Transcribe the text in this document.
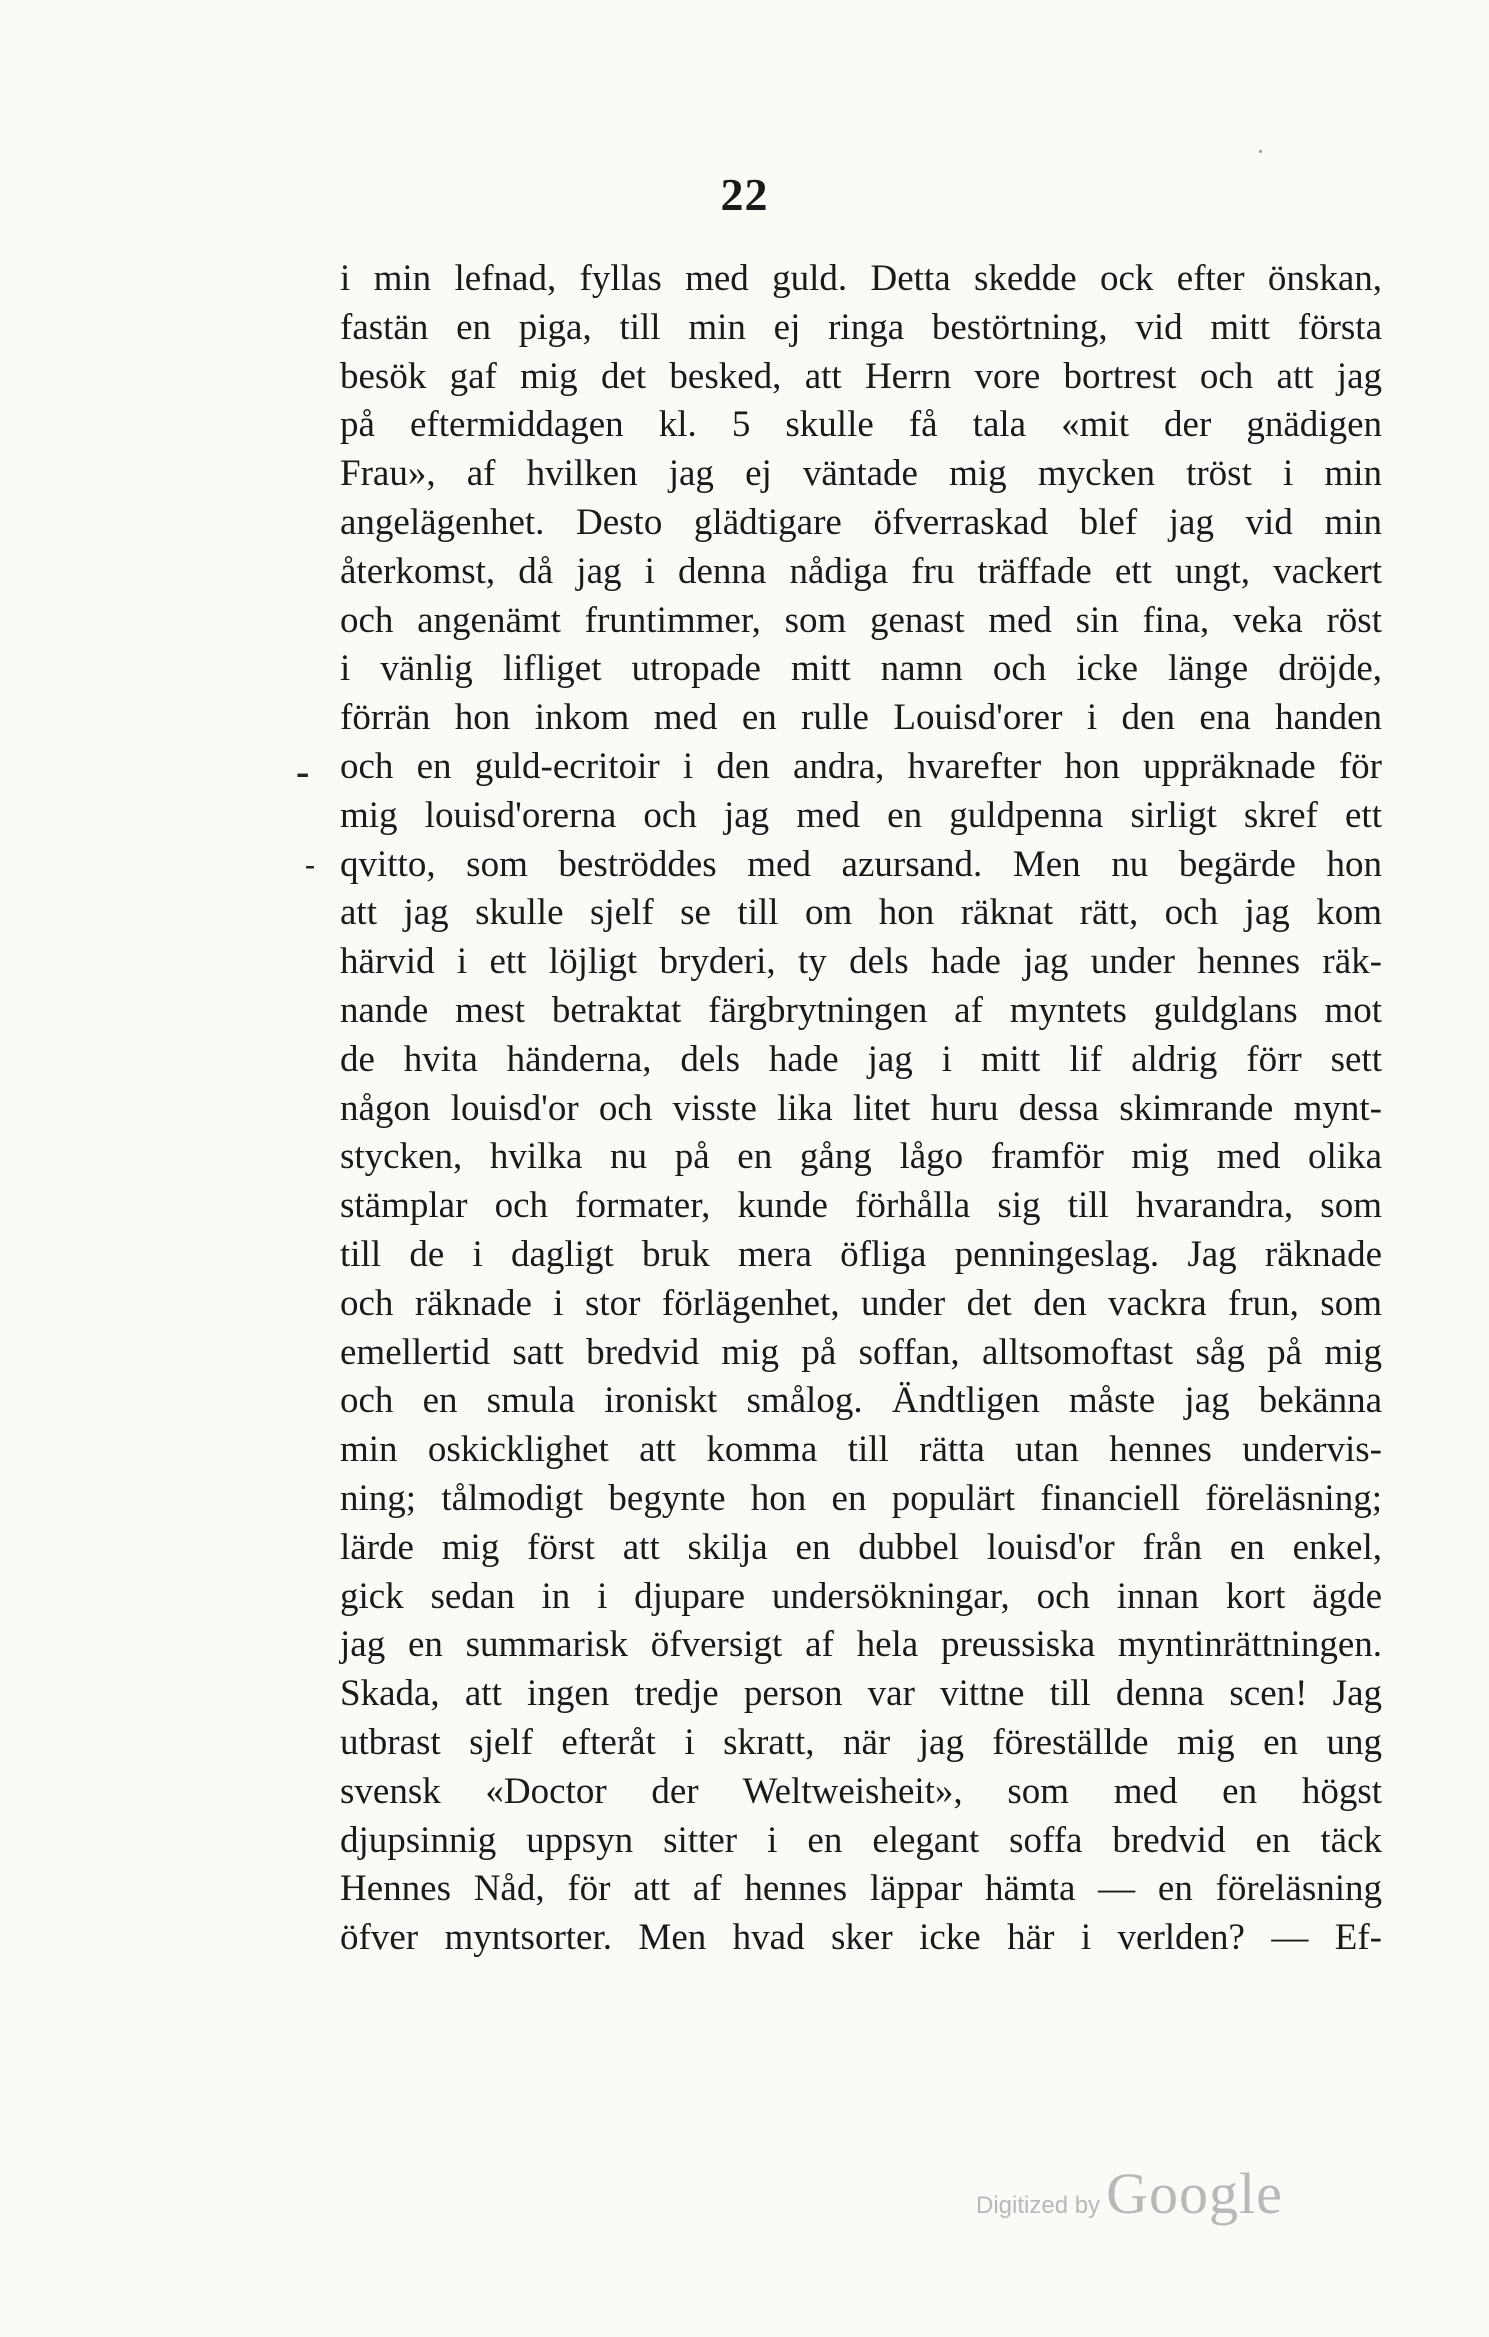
22
i min lefnad, fyllas med guld. Detta skedde ock efter önskan,
fastän en piga, till min ej ringa bestörtning, vid mitt första
besök gaf mig det besked, att Herrn vore bortrest och att jag
på eftermiddagen kl. 5 skulle få tala «mit der gnädigen
Frau», af hvilken jag ej väntade mig mycken tröst i min
angelägenhet. Desto glädtigare öfverraskad blef jag vid min
återkomst, då jag i denna nådiga fru träffade ett ungt, vackert
och angenämt fruntimmer, som genast med sin fina, veka röst
i vänlig lifliget utropade mitt namn och icke länge dröjde,
förrän hon inkom med en rulle Louisd'orer i den ena handen
och en guld-ecritoir i den andra, hvarefter hon uppräknade för
mig louisd'orerna och jag med en guldpenna sirligt skref ett
qvitto, som beströddes med azursand. Men nu begärde hon
att jag skulle sjelf se till om hon räknat rätt, och jag kom
härvid i ett löjligt bryderi, ty dels hade jag under hennes räk-
nande mest betraktat färgbrytningen af myntets guldglans mot
de hvita händerna, dels hade jag i mitt lif aldrig förr sett
någon louisd'or och visste lika litet huru dessa skimrande mynt-
stycken, hvilka nu på en gång lågo framför mig med olika
stämplar och formater, kunde förhålla sig till hvarandra, som
till de i dagligt bruk mera öfliga penningeslag. Jag räknade
och räknade i stor förlägenhet, under det den vackra frun, som
emellertid satt bredvid mig på soffan, alltsomoftast såg på mig
och en smula ironiskt smålog. Ändtligen måste jag bekänna
min oskicklighet att komma till rätta utan hennes undervis-
ning; tålmodigt begynte hon en populärt financiell föreläsning;
lärde mig först att skilja en dubbel louisd'or från en enkel,
gick sedan in i djupare undersökningar, och innan kort ägde
jag en summarisk öfversigt af hela preussiska myntinrättningen.
Skada, att ingen tredje person var vittne till denna scen! Jag
utbrast sjelf efteråt i skratt, när jag föreställde mig en ung
svensk «Doctor der Weltweisheit», som med en högst
djupsinnig uppsyn sitter i en elegant soffa bredvid en täck
Hennes Nåd, för att af hennes läppar hämta — en föreläsning
öfver myntsorter. Men hvad sker icke här i verlden? — Ef-
-
-
Digitized by Google
